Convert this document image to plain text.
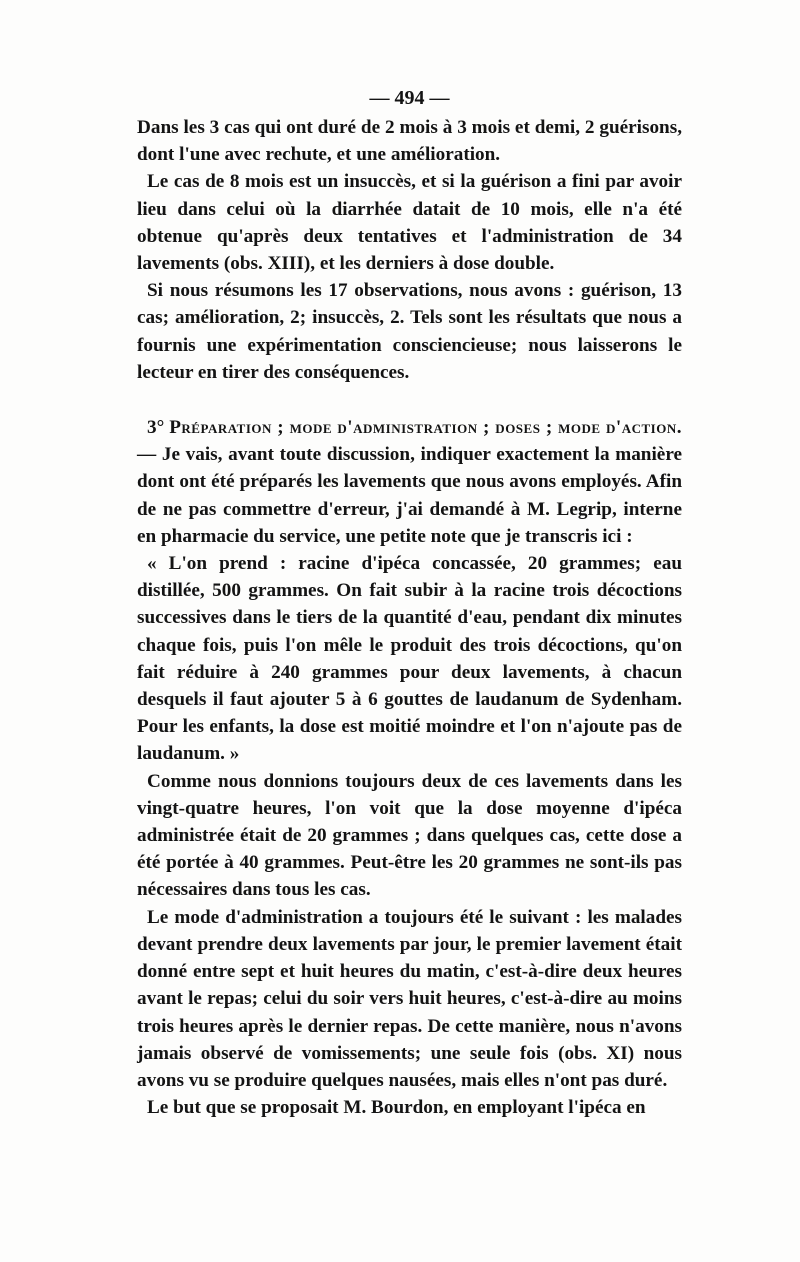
— 494 —

Dans les 3 cas qui ont duré de 2 mois à 3 mois et demi, 2 guérisons, dont l'une avec rechute, et une amélioration.

Le cas de 8 mois est un insuccès, et si la guérison a fini par avoir lieu dans celui où la diarrhée datait de 10 mois, elle n'a été obtenue qu'après deux tentatives et l'administration de 34 lavements (obs. XIII), et les derniers à dose double.

Si nous résumons les 17 observations, nous avons : guérison, 13 cas; amélioration, 2; insuccès, 2. Tels sont les résultats que nous a fournis une expérimentation consciencieuse; nous laisserons le lecteur en tirer des conséquences.

3° Préparation ; mode d'administration ; doses ; mode d'action. — Je vais, avant toute discussion, indiquer exactement la manière dont ont été préparés les lavements que nous avons employés. Afin de ne pas commettre d'erreur, j'ai demandé à M. Legrip, interne en pharmacie du service, une petite note que je transcris ici :

« L'on prend : racine d'ipéca concassée, 20 grammes; eau distillée, 500 grammes. On fait subir à la racine trois décoctions successives dans le tiers de la quantité d'eau, pendant dix minutes chaque fois, puis l'on mêle le produit des trois décoctions, qu'on fait réduire à 240 grammes pour deux lavements, à chacun desquels il faut ajouter 5 à 6 gouttes de laudanum de Sydenham. Pour les enfants, la dose est moitié moindre et l'on n'ajoute pas de laudanum. »

Comme nous donnions toujours deux de ces lavements dans les vingt-quatre heures, l'on voit que la dose moyenne d'ipéca administrée était de 20 grammes ; dans quelques cas, cette dose a été portée à 40 grammes. Peut-être les 20 grammes ne sont-ils pas nécessaires dans tous les cas.

Le mode d'administration a toujours été le suivant : les malades devant prendre deux lavements par jour, le premier lavement était donné entre sept et huit heures du matin, c'est-à-dire deux heures avant le repas; celui du soir vers huit heures, c'est-à-dire au moins trois heures après le dernier repas. De cette manière, nous n'avons jamais observé de vomissements; une seule fois (obs. XI) nous avons vu se produire quelques nausées, mais elles n'ont pas duré.

Le but que se proposait M. Bourdon, en employant l'ipéca en
